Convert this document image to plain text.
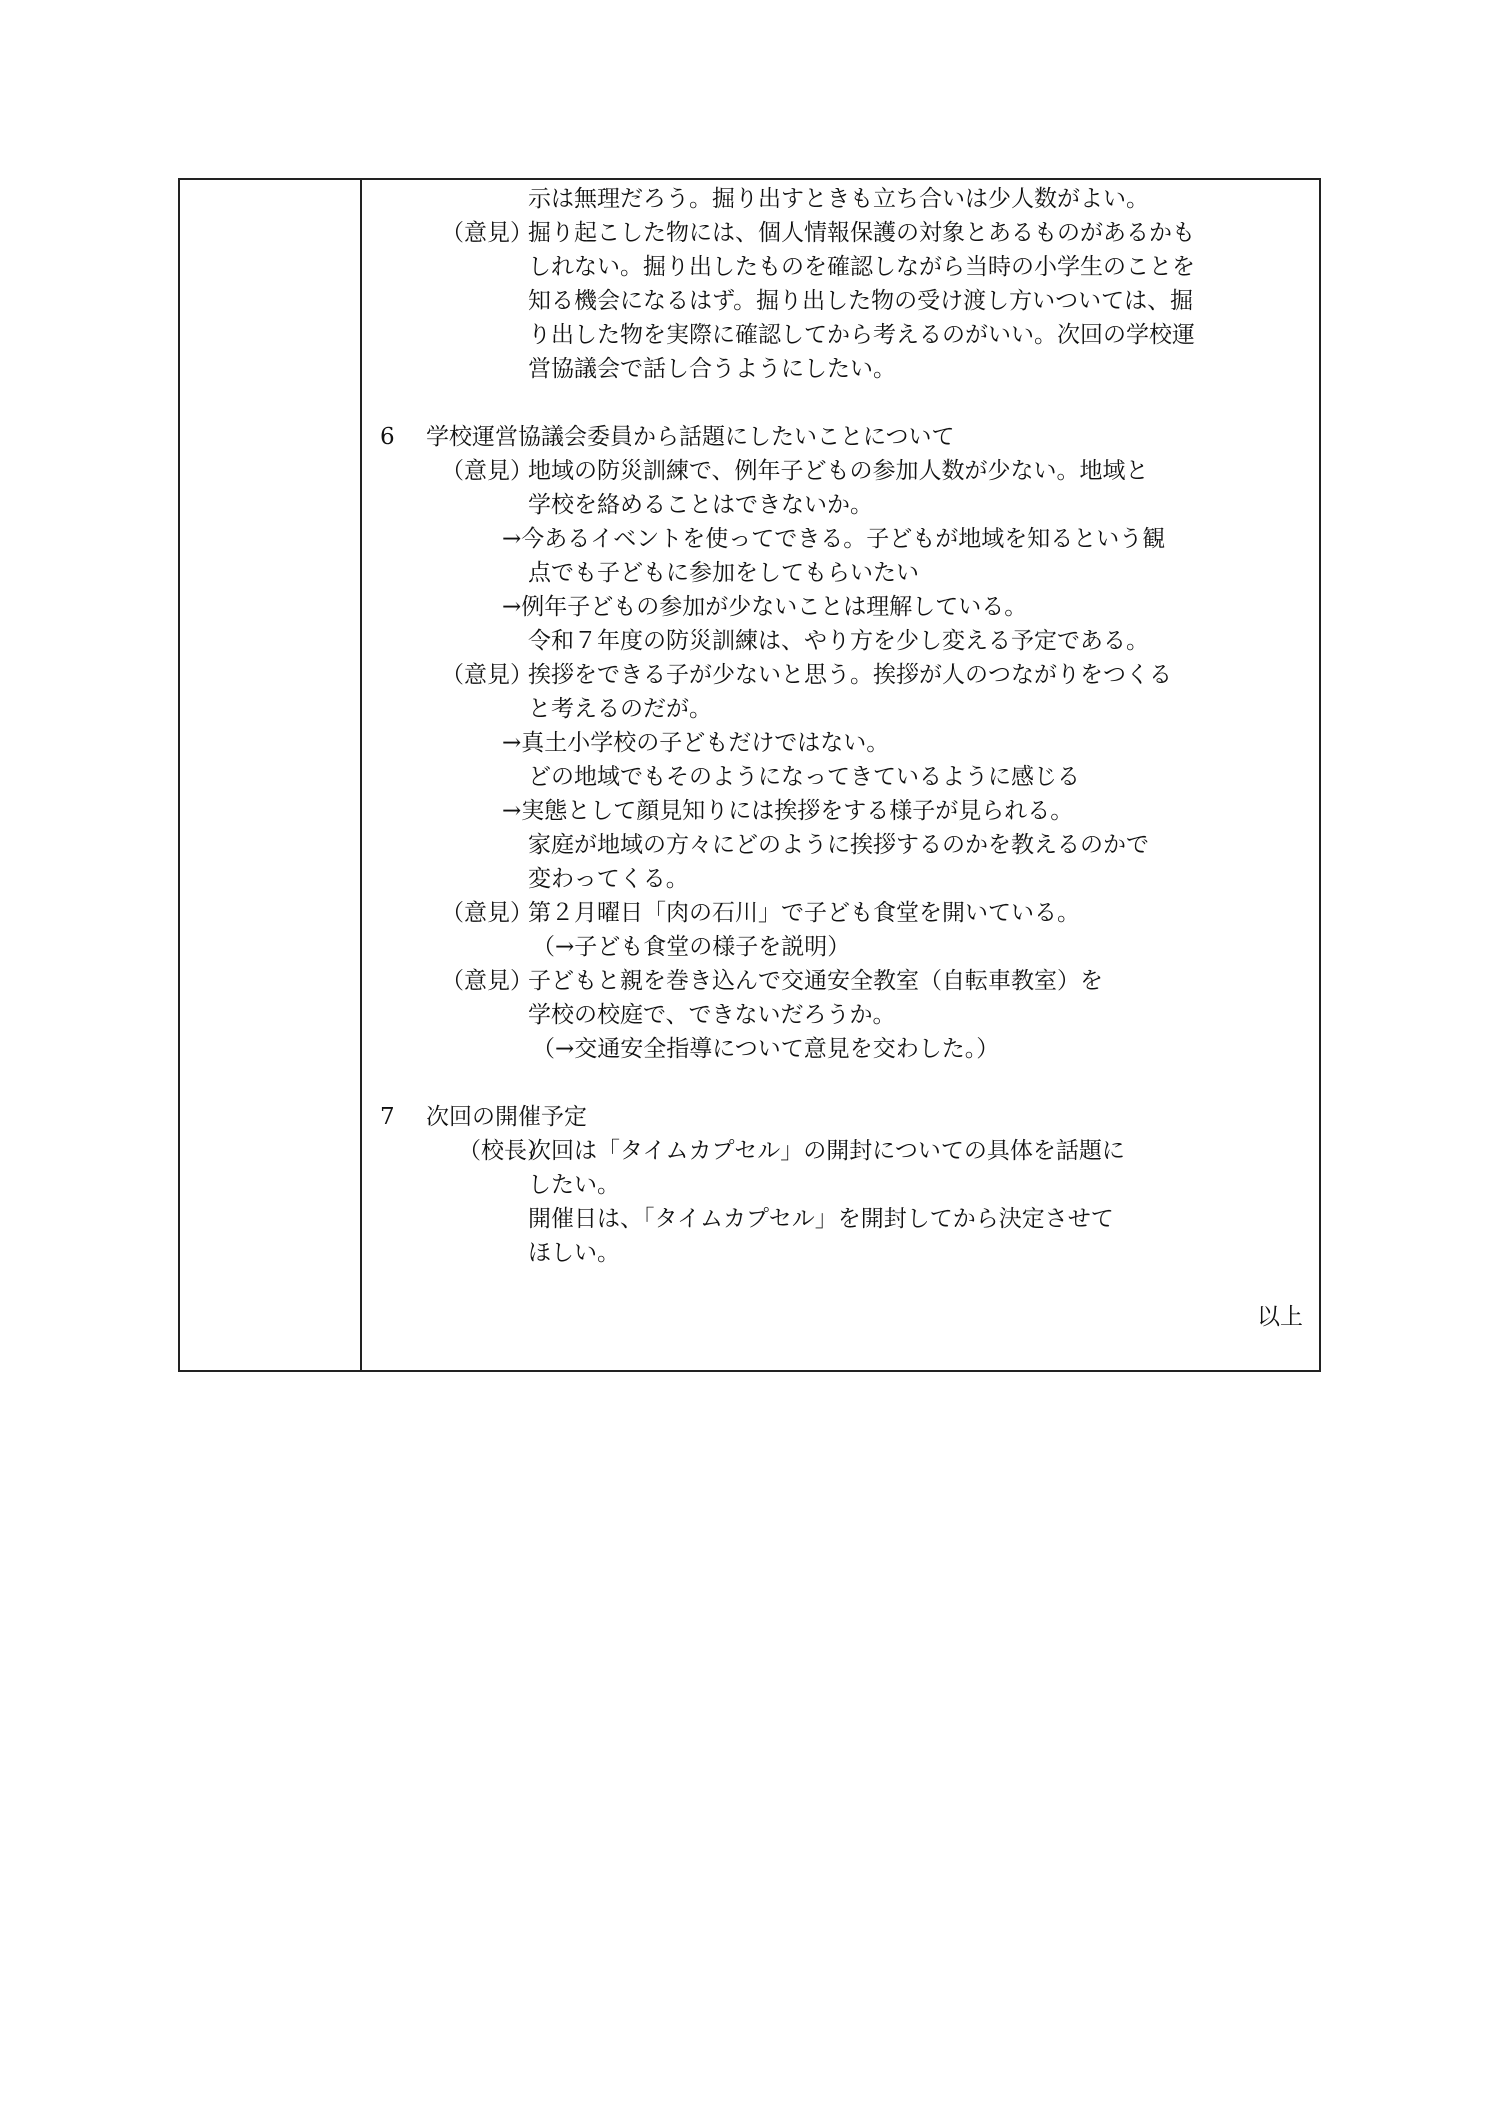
示は無理だろう。掘り出すときも立ち合いは少人数がよい。
（意見）
掘り起こした物には、個人情報保護の対象とあるものがあるかも
しれない。掘り出したものを確認しながら当時の小学生のことを
知る機会になるはず。掘り出した物の受け渡し方いついては、掘
り出した物を実際に確認してから考えるのがいい。次回の学校運
営協議会で話し合うようにしたい。
6 学校運営協議会委員から話題にしたいことについて
（意見）
地域の防災訓練で、例年子どもの参加人数が少ない。地域と
学校を絡めることはできないか。
→今あるイベントを使ってできる。子どもが地域を知るという観
点でも子どもに参加をしてもらいたい
→例年子どもの参加が少ないことは理解している。
令和７年度の防災訓練は、やり方を少し変える予定である。
（意見）
挨拶をできる子が少ないと思う。挨拶が人のつながりをつくる
と考えるのだが。
→真土小学校の子どもだけではない。
どの地域でもそのようになってきているように感じる
→実態として顔見知りには挨拶をする様子が見られる。
家庭が地域の方々にどのように挨拶するのかを教えるのかで
変わってくる。
（意見）
第２月曜日「肉の石川」で子ども食堂を開いている。
（→子ども食堂の様子を説明）
（意見）
子どもと親を巻き込んで交通安全教室（自転車教室）を
学校の校庭で、できないだろうか。
（→交通安全指導について意見を交わした。）
7 次回の開催予定
（校長）
次回は「タイムカプセル」の開封についての具体を話題に
したい。
開催日は、「タイムカプセル」を開封してから決定させて
ほしい。
以上
